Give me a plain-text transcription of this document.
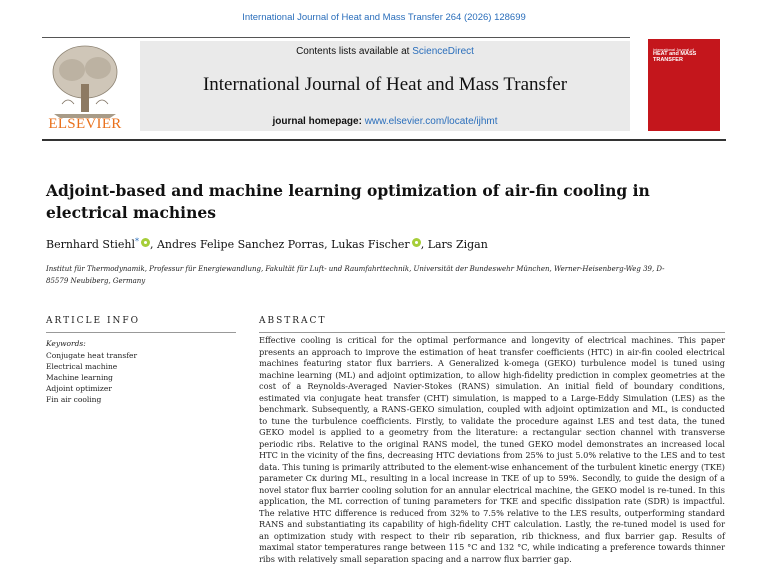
International Journal of Heat and Mass Transfer 264 (2026) 128699
ELSEVIER
Contents lists available at ScienceDirect
International Journal of Heat and Mass Transfer
journal homepage: www.elsevier.com/locate/ijhmt
International Journal of
HEAT and MASS
TRANSFER
Adjoint-based and machine learning optimization of air-fin cooling in electrical machines
Bernhard Stiehl* , Andres Felipe Sanchez Porras, Lukas Fischer , Lars Zigan
Institut für Thermodynamik, Professur für Energiewandlung, Fakultät für Luft- und Raumfahrttechnik, Universität der Bundeswehr München, Werner-Heisenberg-Weg 39, D-85579 Neubiberg, Germany
ARTICLE INFO
Keywords:
Conjugate heat transfer
Electrical machine
Machine learning
Adjoint optimizer
Fin air cooling
ABSTRACT

Effective cooling is critical for the optimal performance and longevity of electrical machines. This paper presents an approach to improve the estimation of heat transfer coefficients (HTC) in air-fin cooled electrical machines featuring stator flux barriers. A Generalized k-omega (GEKO) turbulence model is tuned using machine learning (ML) and adjoint optimization, to allow high-fidelity prediction in complex geometries at the cost of a Reynolds-Averaged Navier-Stokes (RANS) simulation. An initial field of boundary conditions, estimated via conjugate heat transfer (CHT) simulation, is mapped to a Large-Eddy Simulation (LES) as the benchmark. Subsequently, a RANS-GEKO simulation, coupled with adjoint optimization and ML, is conducted to tune the turbulence coefficients. Firstly, to validate the procedure against LES and test data, the tuned GEKO model is applied to a geometry from the literature: a rectangular section channel with transverse periodic ribs. Relative to the original RANS model, the tuned GEKO model demonstrates an increased local HTC in the vicinity of the fins, decreasing HTC deviations from 25% to just 5.0% relative to the LES and to test data. This tuning is primarily attributed to the element-wise enhancement of the turbulent kinetic energy (TKE) parameter Cκ during ML, resulting in a local increase in TKE of up to 59%. Secondly, to guide the design of a novel stator flux barrier cooling solution for an annular electrical machine, the GEKO model is re-tuned. In this application, the ML correction of tuning parameters for TKE and specific dissipation rate (SDR) is impactful. The relative HTC difference is reduced from 32% to 7.5% relative to the LES results, outperforming standard RANS and substantiating its capability of high-fidelity CHT calculation. Lastly, the re-tuned model is used for an optimization study with respect to their rib separation, rib thickness, and flux barrier gap. Results of maximal stator temperatures range between 115 °C and 132 °C, while indicating a preference towards thinner ribs with relatively small separation spacing and a narrow flux barrier gap.
